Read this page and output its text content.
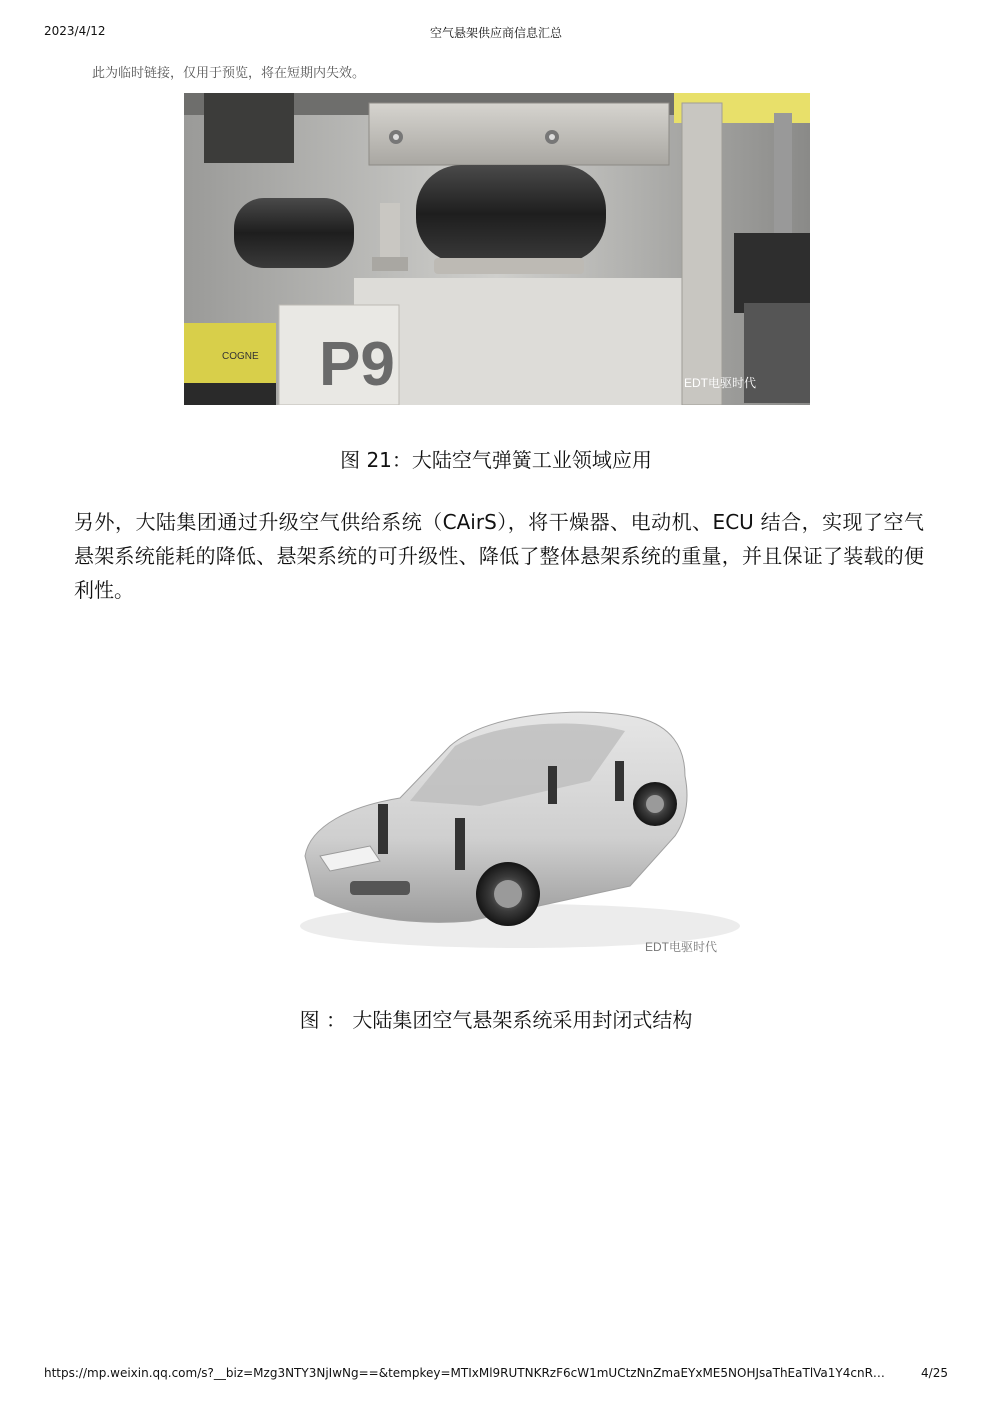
2023/4/12	空气悬架供应商信息汇总
此为临时链接，仅用于预览，将在短期内失效。
P9
COGNE
EDT电驱时代
图 21：大陆空气弹簧工业领域应用
另外，大陆集团通过升级空气供给系统（CAirS），将干燥器、电动机、ECU 结合，实现了空气悬架系统能耗的降低、悬架系统的可升级性、降低了整体悬架系统的重量，并且保证了装载的便利性。
EDT电驱时代
图 ： 大陆集团空气悬架系统采用封闭式结构
https://mp.weixin.qq.com/s?__biz=Mzg3NTY3NjIwNg==&tempkey=MTIxMl9RUTNKRzF6cW1mUCtzNnZmaEYxME5NOHJsaThEaTlVa1Y4cnR…	4/25
